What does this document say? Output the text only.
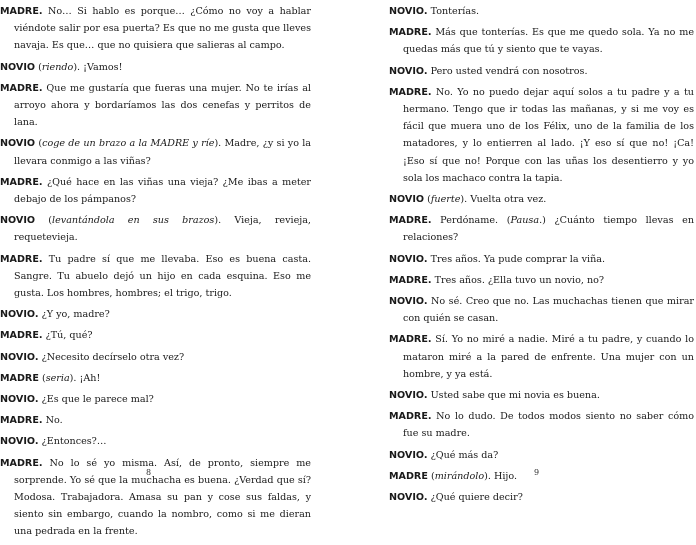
MADRE. No… Si hablo es porque… ¿Cómo no voy a hablar viéndote salir por esa puerta? Es que no me gusta que lleves navaja. Es que… que no quisiera que salieras al campo.

NOVIO (riendo). ¡Vamos!

MADRE. Que me gustaría que fueras una mujer. No te irías al arroyo ahora y bordaríamos las dos cenefas y perritos de lana.

NOVIO (coge de un brazo a la MADRE y ríe). Madre, ¿y si yo la llevara conmigo a las viñas?

MADRE. ¿Qué hace en las viñas una vieja? ¿Me ibas a meter debajo de los pámpanos?

NOVIO (levantándola en sus brazos). Vieja, revieja, requetevieja.

MADRE. Tu padre sí que me llevaba. Eso es buena casta. Sangre. Tu abuelo dejó un hijo en cada esquina. Eso me gusta. Los hombres, hombres; el trigo, trigo.

NOVIO. ¿Y yo, madre?

MADRE. ¿Tú, qué?

NOVIO. ¿Necesito decírselo otra vez?

MADRE (seria). ¡Ah!

NOVIO. ¿Es que le parece mal?

MADRE. No.

NOVIO. ¿Entonces?…

MADRE. No lo sé yo misma. Así, de pronto, siempre me sorprende. Yo sé que la muchacha es buena. ¿Verdad que sí? Modosa. Trabajadora. Amasa su pan y cose sus faldas, y siento sin embargo, cuando la nombro, como si me dieran una pedrada en la frente.

NOVIO. Tonterías.

MADRE. Más que tonterías. Es que me quedo sola. Ya no me quedas más que tú y siento que te vayas.

NOVIO. Pero usted vendrá con nosotros.

MADRE. No. Yo no puedo dejar aquí solos a tu padre y a tu hermano. Tengo que ir todas las mañanas, y si me voy es fácil que muera uno de los Félix, uno de la familia de los matadores, y lo entierren al lado. ¡Y eso sí que no! ¡Ca! ¡Eso sí que no! Porque con las uñas los desentierro y yo sola los machaco contra la tapia.

NOVIO (fuerte). Vuelta otra vez.

MADRE. Perdóname. (Pausa.) ¿Cuánto tiempo llevas en relaciones?

NOVIO. Tres años. Ya pude comprar la viña.

MADRE. Tres años. ¿Ella tuvo un novio, no?

NOVIO. No sé. Creo que no. Las muchachas tienen que mirar con quién se casan.

MADRE. Sí. Yo no miré a nadie. Miré a tu padre, y cuando lo mataron miré a la pared de enfrente. Una mujer con un hombre, y ya está.

NOVIO. Usted sabe que mi novia es buena.

MADRE. No lo dudo. De todos modos siento no saber cómo fue su madre.

NOVIO. ¿Qué más da?

MADRE (mirándolo). Hijo.

NOVIO. ¿Qué quiere decir?

8	9
